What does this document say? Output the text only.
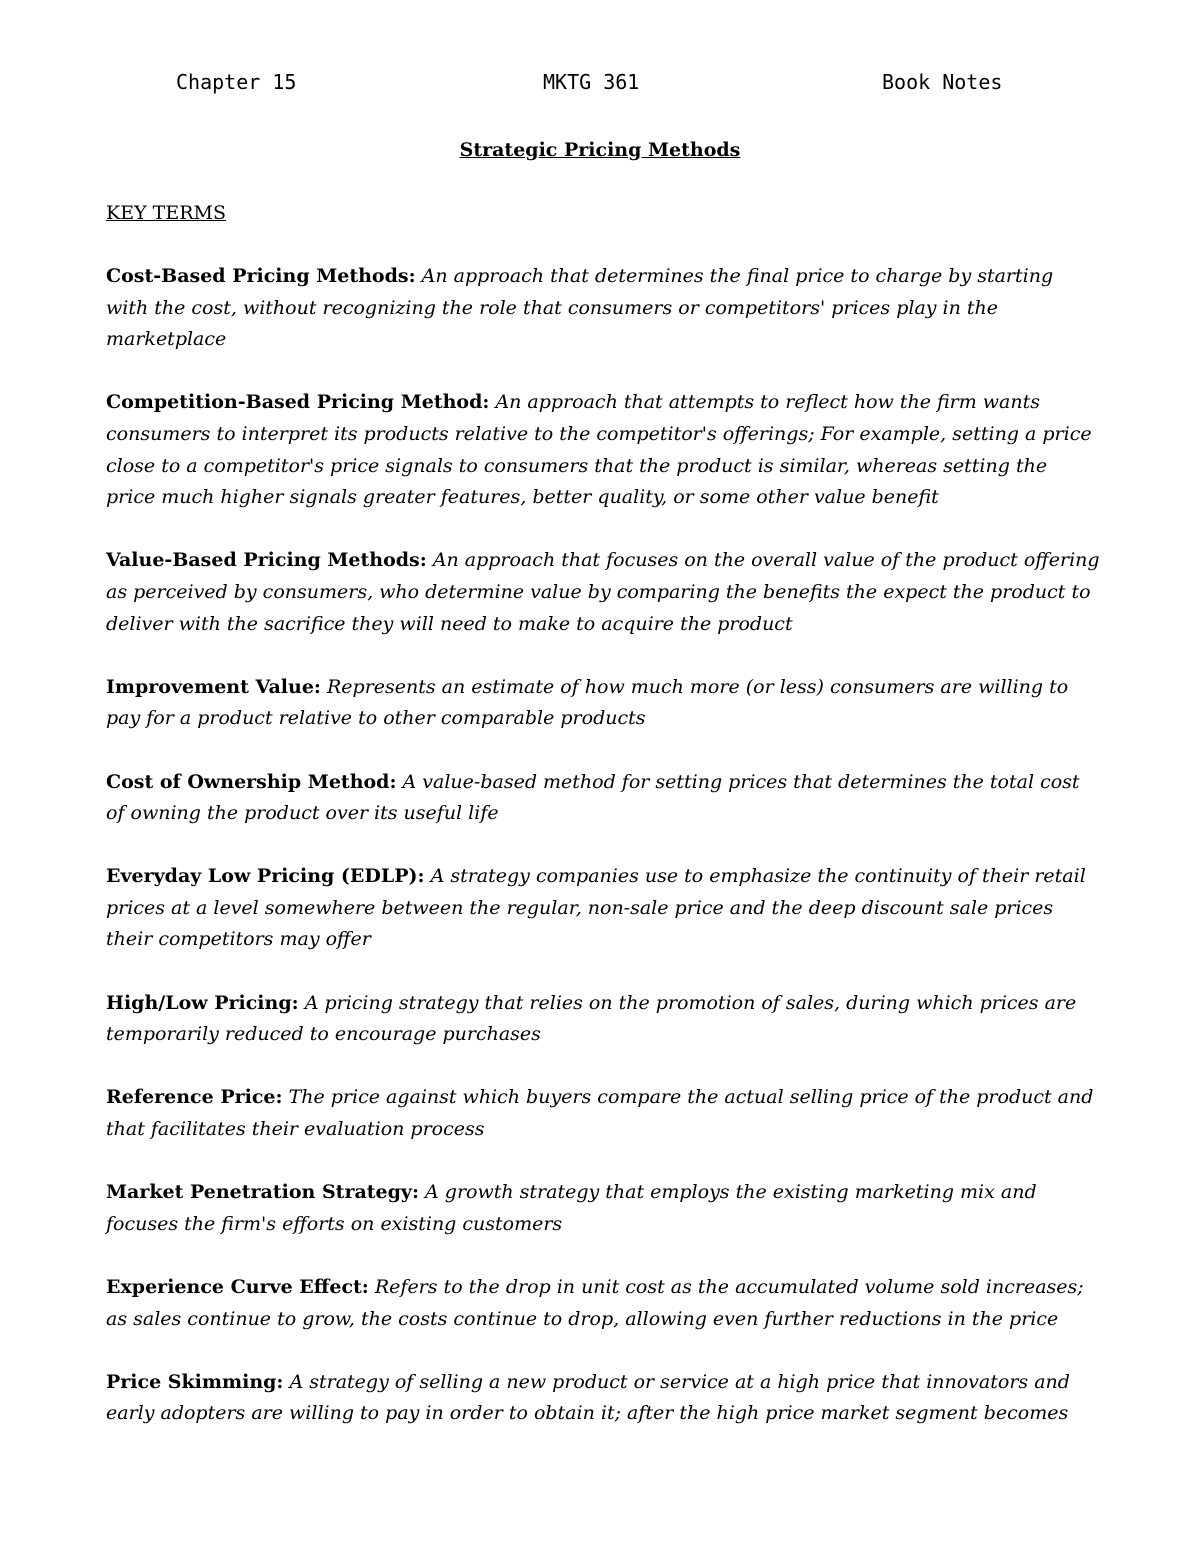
Chapter 15	MKTG 361	Book Notes
Strategic Pricing Methods
KEY TERMS

Cost-Based Pricing Methods: An approach that determines the final price to charge by starting with the cost, without recognizing the role that consumers or competitors' prices play in the marketplace

Competition-Based Pricing Method: An approach that attempts to reflect how the firm wants consumers to interpret its products relative to the competitor's offerings; For example, setting a price close to a competitor's price signals to consumers that the product is similar, whereas setting the price much higher signals greater features, better quality, or some other value benefit

Value-Based Pricing Methods: An approach that focuses on the overall value of the product offering as perceived by consumers, who determine value by comparing the benefits the expect the product to deliver with the sacrifice they will need to make to acquire the product

Improvement Value: Represents an estimate of how much more (or less) consumers are willing to pay for a product relative to other comparable products

Cost of Ownership Method: A value-based method for setting prices that determines the total cost of owning the product over its useful life

Everyday Low Pricing (EDLP): A strategy companies use to emphasize the continuity of their retail prices at a level somewhere between the regular, non-sale price and the deep discount sale prices their competitors may offer

High/Low Pricing: A pricing strategy that relies on the promotion of sales, during which prices are temporarily reduced to encourage purchases

Reference Price: The price against which buyers compare the actual selling price of the product and that facilitates their evaluation process

Market Penetration Strategy: A growth strategy that employs the existing marketing mix and focuses the firm's efforts on existing customers

Experience Curve Effect: Refers to the drop in unit cost as the accumulated volume sold increases; as sales continue to grow, the costs continue to drop, allowing even further reductions in the price

Price Skimming: A strategy of selling a new product or service at a high price that innovators and early adopters are willing to pay in order to obtain it; after the high price market segment becomes
